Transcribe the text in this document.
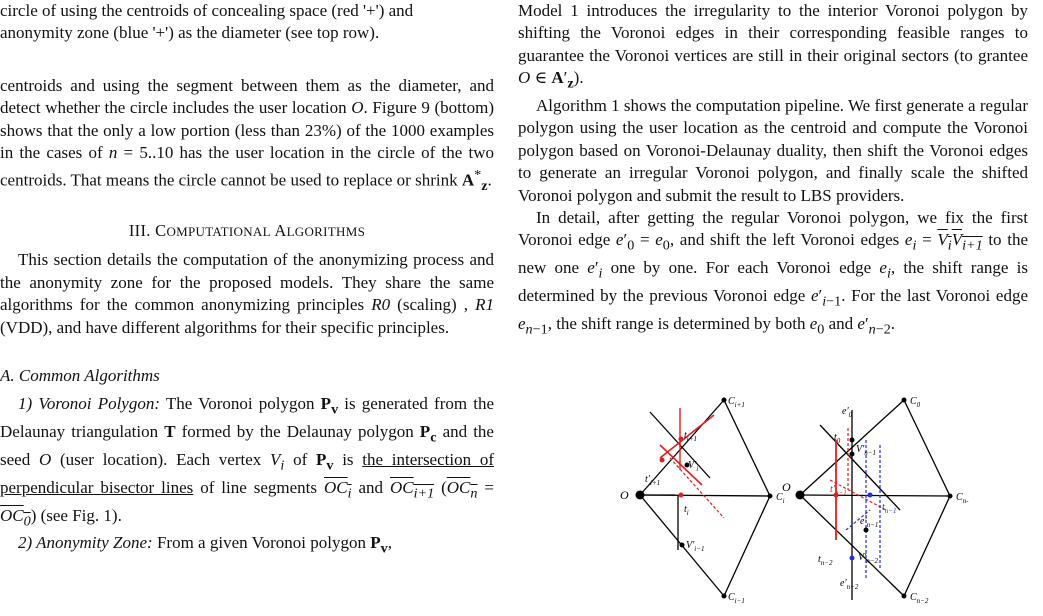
circle of using the centroids of concealing space (red '+') and
anonymity zone (blue '+') as the diameter (see top row).

centroids and using the segment between them as the diameter, and detect whether the circle includes the user location O. Figure 9 (bottom) shows that the only a low portion (less than 23%) of the 1000 examples in the cases of n = 5..10 has the user location in the circle of the two centroids. That means the circle cannot be used to replace or shrink $A^*_z$.

III. COMPUTATIONAL ALGORITHMS

This section details the computation of the anonymizing process and the anonymity zone for the proposed models. They share the same algorithms for the common anonymizing principles R0 (scaling) , R1 (VDD), and have different algorithms for their specific principles.

A. Common Algorithms

1) Voronoi Polygon: The Voronoi polygon $P_v$ is generated from the Delaunay triangulation T formed by the Delaunay polygon $P_c$ and the seed O (user location). Each vertex $V_i$ of $P_v$ is the intersection of perpendicular bisector lines of line segments $OC_i$ and $OC_{i+1}$ $(OC_n = OC_0)$ (see Fig. 1).

2) Anonymity Zone: From a given Voronoi polygon $P_v$,

Model 1 introduces the irregularity to the interior Voronoi polygon by shifting the Voronoi edges in their corresponding feasible ranges to guarantee the Voronoi vertices are still in their original sectors (to grantee O ∈ $A'_z$).

Algorithm 1 shows the computation pipeline. We first generate a regular polygon using the user location as the centroid and compute the Voronoi polygon based on Voronoi-Delaunay duality, then shift the Voronoi edges to generate an irregular Voronoi polygon, and finally scale the shifted Voronoi polygon and submit the result to LBS providers.

In detail, after getting the regular Voronoi polygon, we fix the first Voronoi edge $e'_0 = e_0$, and shift the left Voronoi edges $e_i = V_iV_{i+1}$ to the new one $e'_i$ one by one. For each Voronoi edge $e_i$, the shift range is determined by the previous Voronoi edge $e'_{i-1}$. For the last Voronoi edge $e_{n-1}$, the shift range is determined by both $e_0$ and $e'_{n-2}$.

O
$C_{i+1}$
$t_{i+1}$
$V'_i$
$t'_{i+1}$
$t_i$
$C_i$
$V'_{i-1}$
$C_{i-1}$
O
$C_0$
$e'_0$
$t_0$
$V'_{n-1}$
$t'_{n-1}$
$t_{n-1}$
$C_{n-}$
$e'_{n-1}$
$t_{n-2}$	$V'_{n-2}$
$e'_{n-2}$
$C_{n-2}$
